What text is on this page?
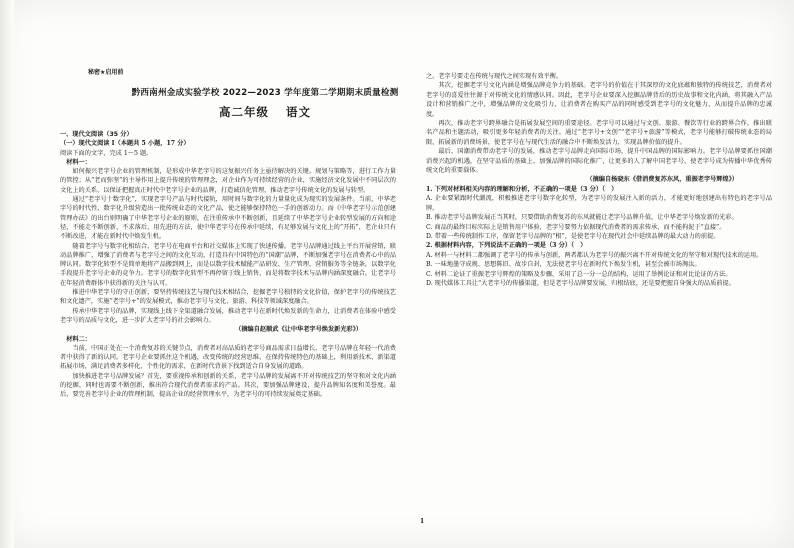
秘密★启用前
黔西南州金成实验学校 2022—2023 学年度第二学期期末质量检测
高二年级 语文

一、现代文阅读（35 分）

（一）现代文阅读 I（本题共 5 小题，17 分）

阅读下面的文字，完成 1～5 题。

材料一：

如何振兴老字号企业的管理机制，是形成中华老字号的这复振兴任务上亟待解决的关键。规划与策略等，进行工作力量的管控；从“老而弥坚”的主导作用上提升传统的管理理念，对企业作为可持续经营的企业，实施经济文化发展中不同层次的文化上的关系，以保证把握真正时代中老字号企业的品牌，打造诚信化管理，推动老字号传统文化的发展与转型。

通过“老字号十数字化”，实现老字号产品与时代接轨，用时间与数字化的力量量化成为现实的发展条件。当前，中华老字号的时代性、数字化升级营造出一批传统业态的文化产品，使之能够保持特色一手的创新动力。而《中华老字号示范创建管理办法》的出台则明确了中华老字号企业的原则，在注重传承中不断创新，且延续了中华老字号企业转型发展的方向和途径，不能走不断创新、不求落后、用先进的方法，使中华老字号在传承中延续，有足够发展与文化上的“开拓”，老企业只有不断改进，才能在新时代中焕发生机。

随着老字号与数字化相结合，老字号在电商平台和社交媒体上实现了快速传播。老字号品牌通过线上平台开展营销，联动品牌推广，增强了消费者与老字号之间的文化互动，打造具有中国特色的“国潮”品牌，不断加强老字号在消费者心中的品牌认同。数字化转型不是简单地将产品搬到网上，而是以数字技术赋能产品研发、生产管理、营销服务等全链条，以数字化手段提升老字号企业的竞争力。老字号的数字化转型不再停留于线上销售，而是将数字技术与品牌内涵深度融合，让老字号在年轻消费群体中获得新的关注与认可。

推进中华老字号的守正创新，要坚持传统技艺与现代技术相结合，挖掘老字号独特的文化价值，保护老字号的传统技艺和文化遗产，实施“老字号+”的发展模式，推动老字号与文化、旅游、科技等领域深度融合。

传承中华老字号的品牌，实现线上线下全渠道融合发展，推动老字号在新时代焕发新的生命力，让消费者在体验中感受老字号的品质与文化，进一步扩大老字号的社会影响力。

（摘编自赵顺武《让中华老字号焕发新光彩》）

材料二：

当前，中国正处在一个消费复苏的关键节点，消费者对高品质的老字号商品需求日益增长，老字号品牌在年轻一代消费者中获得了新的认同。老字号企业要抓住这个机遇，改变传统的经营思维，在保持传统特色的基础上，利用新技术、新渠道拓展市场，满足消费者多样化、个性化的需求，在新时代背景下找到适合自身发展的道路。

加快推进老字号品牌发展？首先，要重视传承和创新的关系，老字号品牌的发展离不开对传统技艺的坚守和对文化内涵的挖掘，同时也需要不断创新，推出符合现代消费者需求的产品。其次，要加强品牌建设，提升品牌知名度和美誉度。最后，要完善老字号企业的管理机制，提高企业的经营管理水平，为老字号的可持续发展奠定基础。

之。老字号要走在传统与现代之间实现有效平衡。

其次，挖掘老字号文化内涵是增强品牌竞争力的基础。老字号的价值在于其深厚的文化底蕴和独特的传统技艺，消费者对老字号的喜爱往往源于对传统文化的情感认同。因此，老字号企业要深入挖掘品牌背后的历史故事和文化内涵，将其融入产品设计和营销推广之中，增强品牌的文化吸引力，让消费者在购买产品的同时感受到老字号的文化魅力，从而提升品牌的忠诚度。

再次，推动老字号跨界融合是拓展发展空间的重要途径。老字号可以通过与文创、旅游、餐饮等行业的跨界合作，推出联名产品和主题活动，吸引更多年轻消费者的关注。通过“老字号+文创”“老字号+旅游”等模式，老字号能够打破传统业态的局限，拓展新的消费场景，使老字号在与现代生活的融合中不断焕发活力，实现品牌价值的提升。

最后，国潮消费带动老字号的发展，推动老字号品牌走向国际市场，提升中国品牌的国际影响力。老字号品牌要抓住国潮消费兴起的机遇，在坚守品质的基础上，加强品牌的国际化推广，让更多的人了解中国老字号，使老字号成为传播中华优秀传统文化的重要载体。

（摘编自杨晓东《借消费复苏东风，重振老字号辉煌》）

1. 下列对材料相关内容的理解和分析，不正确的一项是（3 分）（　）

A. 企业要紧跟时代潮流，积极推进老字号数字化转型，为老字号的发展注入新的活力，才能更好地创建出有特色的老字号品牌。

B. 推动老字号品牌发展正当其时，只要借助消费复苏的东风就能让老字号品牌升值，让中华老字号焕发新的光彩。

C. 商品的最终目标实际上是销售用户体验，老字号要努力依据现代消费者的需求传承，而不能拘泥于“直接”。

D. 带着一些传统制作工序，保留老字号品牌的“根”，是使老字号在现代社会中延续品牌的最大动力的前提。

2. 根据材料内容，下列说法不正确的一项是（3 分）（　）

A. 材料一与材料二都强调了老字号的传承与创新，两者都认为老字号的振兴离不开对传统文化的坚守和对现代技术的运用。

B. 一味地墨守成规、思想陈旧、故步自封，无法使老字号在新时代下焕发生机，甚至会被市场淘汰。

C. 材料二论证了重振老字号辉煌的策略及步骤，采用了总一分一总的结构，运用了举例论证和对比论证的方法。

D. 现代媒体工具让“大老字号的传播渠道，但是老字号品牌要发展，归根结底，还是要把握自身强大的品质前提。

1
